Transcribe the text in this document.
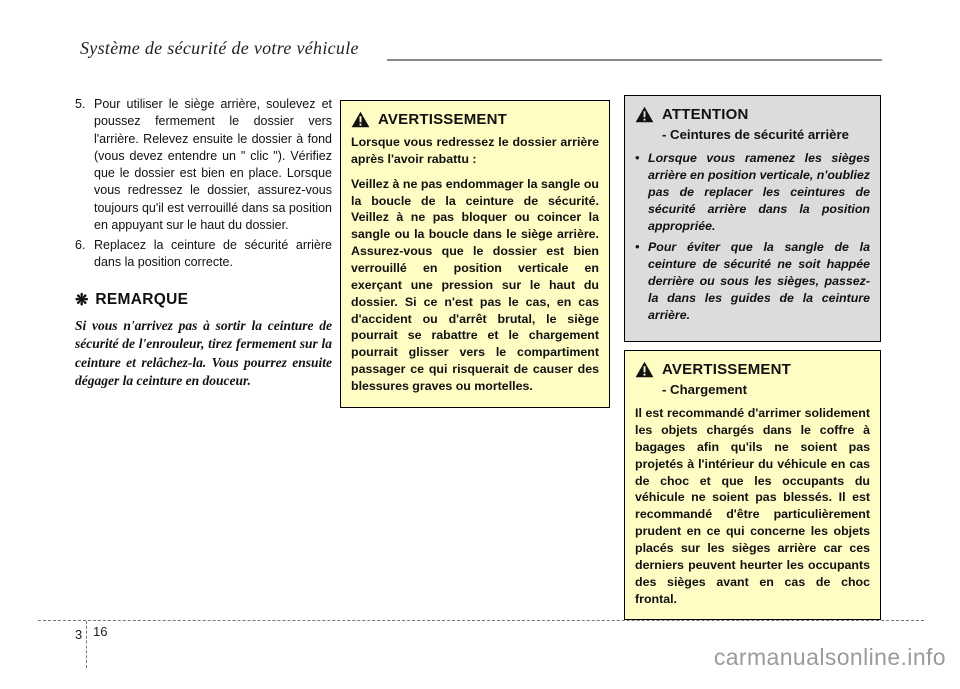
Système de sécurité de votre véhicule
5. Pour utiliser le siège arrière, soulevez et poussez fermement le dossier vers l'arrière. Relevez ensuite le dossier à fond (vous devez entendre un " clic "). Vérifiez que le dossier est bien en place. Lorsque vous redressez le dossier, assurez-vous toujours qu'il est verrouillé dans sa position en appuyant sur le haut du dossier.
6. Replacez la ceinture de sécurité arrière dans la position correcte.
❋ REMARQUE

Si vous n'arrivez pas à sortir la ceinture de sécurité de l'enrouleur, tirez fermement sur la ceinture et relâchez-la. Vous pourrez ensuite dégager la ceinture en douceur.

AVERTISSEMENT

Lorsque vous redressez le dossier arrière après l'avoir rabattu :

Veillez à ne pas endommager la sangle ou la boucle de la ceinture de sécurité. Veillez à ne pas bloquer ou coincer la sangle ou la boucle dans le siège arrière. Assurez-vous que le dossier est bien verrouillé en position verticale en exerçant une pression sur le haut du dossier. Si ce n'est pas le cas, en cas d'accident ou d'arrêt brutal, le siège pourrait se rabattre et le chargement pourrait glisser vers le compartiment passager ce qui risquerait de causer des blessures graves ou mortelles.

ATTENTION
- Ceintures de sécurité arrière
• Lorsque vous ramenez les sièges arrière en position verticale, n'oubliez pas de replacer les ceintures de sécurité arrière dans la position appropriée.
• Pour éviter que la sangle de la ceinture de sécurité ne soit happée derrière ou sous les sièges, passez-la dans les guides de la ceinture arrière.
AVERTISSEMENT
- Chargement

Il est recommandé d'arrimer solidement les objets chargés dans le coffre à bagages afin qu'ils ne soient pas projetés à l'intérieur du véhicule en cas de choc et que les occupants du véhicule ne soient pas blessés. Il est recommandé d'être particulièrement prudent en ce qui concerne les objets placés sur les sièges arrière car ces derniers peuvent heurter les occupants des sièges avant en cas de choc frontal.

3 16
carmanualsonline.info
